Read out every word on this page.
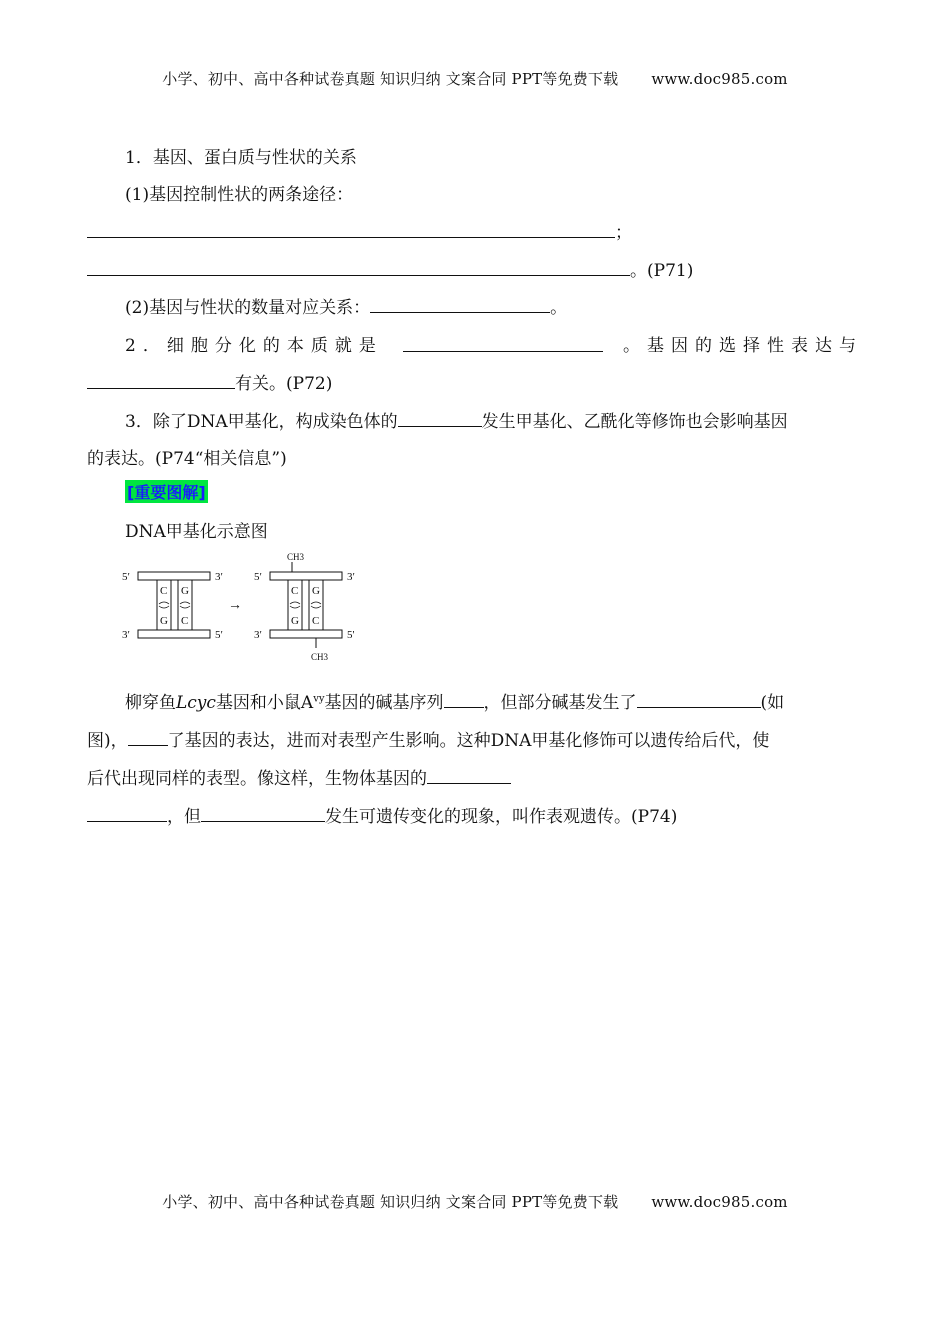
小学、初中、高中各种试卷真题 知识归纳 文案合同 PPT等免费下载 www.doc985.com
1．基因、蛋白质与性状的关系
(1)基因控制性状的两条途径：
；
。(P71)
(2)基因与性状的数量对应关系：	。
2．细胞分化的本质就是	。基因的选择性表达与
有关。(P72)
3．除了DNA甲基化，构成染色体的	发生甲基化、乙酰化等修饰也会影响基因
的表达。(P74“相关信息”)
[重要图解]
DNA甲基化示意图
柳穿鱼Lcyc基因和小鼠$A^{vy}$基因的碱基序列 ，但部分碱基发生了	(如
图)， 了基因的表达，进而对表型产生影响。这种DNA甲基化修饰可以遗传给后代，使
后代出现同样的表型。像这样，生物体基因的
，但	发生可遗传变化的现象，叫作表观遗传。(P74)
5′	3′
C G
G C
3′	5′
→
CH3
5′	3′
C G
G C
3′	5'
CH3
小学、初中、高中各种试卷真题 知识归纳 文案合同 PPT等免费下载 www.doc985.com
